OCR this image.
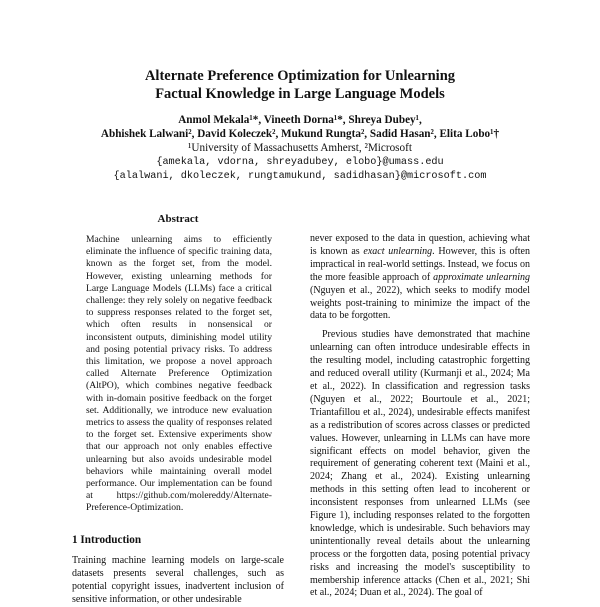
Alternate Preference Optimization for Unlearning
Factual Knowledge in Large Language Models
Anmol Mekala¹*, Vineeth Dorna¹*, Shreya Dubey¹,
Abhishek Lalwani², David Koleczek², Mukund Rungta², Sadid Hasan², Elita Lobo¹†
¹University of Massachusetts Amherst, ²Microsoft
{amekala, vdorna, shreyadubey, elobo}@umass.edu
{alalwani, dkoleczek, rungtamukund, sadidhasan}@microsoft.com
Abstract

Machine unlearning aims to efficiently eliminate the influence of specific training data, known as the forget set, from the model. However, existing unlearning methods for Large Language Models (LLMs) face a critical challenge: they rely solely on negative feedback to suppress responses related to the forget set, which often results in nonsensical or inconsistent outputs, diminishing model utility and posing potential privacy risks. To address this limitation, we propose a novel approach called Alternate Preference Optimization (AltPO), which combines negative feedback with in-domain positive feedback on the forget set. Additionally, we introduce new evaluation metrics to assess the quality of responses related to the forget set. Extensive experiments show that our approach not only enables effective unlearning but also avoids undesirable model behaviors while maintaining overall model performance. Our implementation can be found at https://github.com/molereddy/Alternate-Preference-Optimization.

1 Introduction

Training machine learning models on large-scale datasets presents several challenges, such as potential copyright issues, inadvertent inclusion of sensitive information, or other undesirable

never exposed to the data in question, achieving what is known as exact unlearning. However, this is often impractical in real-world settings. Instead, we focus on the more feasible approach of approximate unlearning (Nguyen et al., 2022), which seeks to modify model weights post-training to minimize the impact of the data to be forgotten.

Previous studies have demonstrated that machine unlearning can often introduce undesirable effects in the resulting model, including catastrophic forgetting and reduced overall utility (Kurmanji et al., 2024; Ma et al., 2022). In classification and regression tasks (Nguyen et al., 2022; Bourtoule et al., 2021; Triantafillou et al., 2024), undesirable effects manifest as a redistribution of scores across classes or predicted values. However, unlearning in LLMs can have more significant effects on model behavior, given the requirement of generating coherent text (Maini et al., 2024; Zhang et al., 2024). Existing unlearning methods in this setting often lead to incoherent or inconsistent responses from unlearned LLMs (see Figure 1), including responses related to the forgotten knowledge, which is undesirable. Such behaviors may unintentionally reveal details about the unlearning process or the forgotten data, posing potential privacy risks and increasing the model's susceptibility to membership inference attacks (Chen et al., 2021; Shi et al., 2024; Duan et al., 2024). The goal of
